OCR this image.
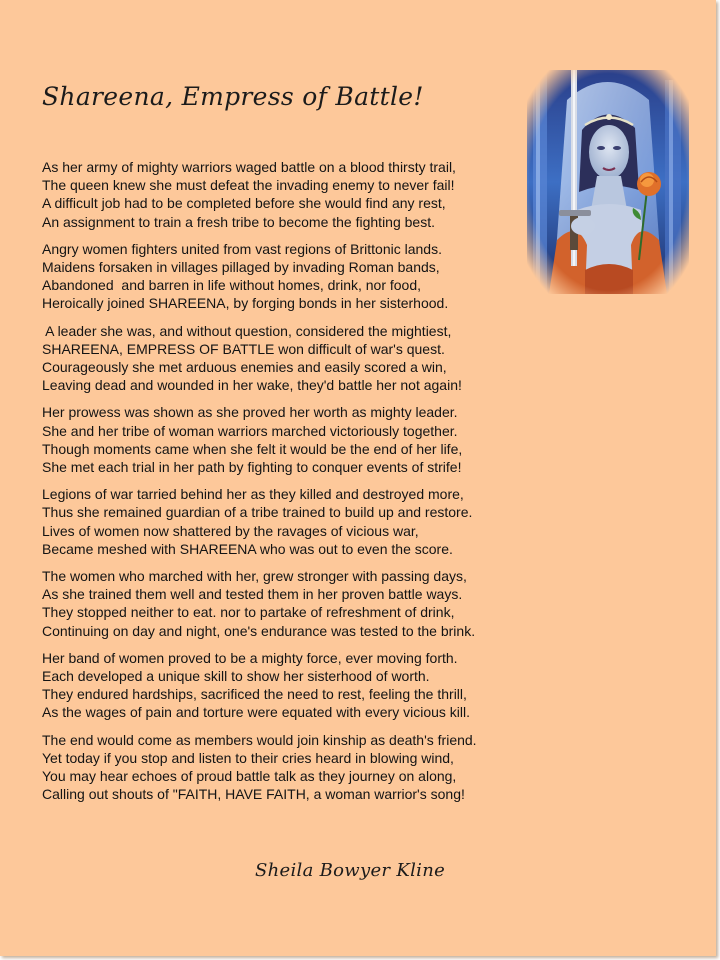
Shareena, Empress of Battle!

As her army of mighty warriors waged battle on a blood thirsty trail,
The queen knew she must defeat the invading enemy to never fail!
A difficult job had to be completed before she would find any rest,
An assignment to train a fresh tribe to become the fighting best.

Angry women fighters united from vast regions of Brittonic lands.
Maidens forsaken in villages pillaged by invading Roman bands,
Abandoned  and barren in life without homes, drink, nor food,
Heroically joined SHAREENA, by forging bonds in her sisterhood.

A leader she was, and without question, considered the mightiest,
SHAREENA, EMPRESS OF BATTLE won difficult of war's quest.
Courageously she met arduous enemies and easily scored a win,
Leaving dead and wounded in her wake, they'd battle her not again!

Her prowess was shown as she proved her worth as mighty leader.
She and her tribe of woman warriors marched victoriously together.
Though moments came when she felt it would be the end of her life,
She met each trial in her path by fighting to conquer events of strife!

Legions of war tarried behind her as they killed and destroyed more,
Thus she remained guardian of a tribe trained to build up and restore.
Lives of women now shattered by the ravages of vicious war,
Became meshed with SHAREENA who was out to even the score.

The women who marched with her, grew stronger with passing days,
As she trained them well and tested them in her proven battle ways.
They stopped neither to eat. nor to partake of refreshment of drink,
Continuing on day and night, one's endurance was tested to the brink.

Her band of women proved to be a mighty force, ever moving forth.
Each developed a unique skill to show her sisterhood of worth.
They endured hardships, sacrificed the need to rest, feeling the thrill,
As the wages of pain and torture were equated with every vicious kill.

The end would come as members would join kinship as death's friend.
Yet today if you stop and listen to their cries heard in blowing wind,
You may hear echoes of proud battle talk as they journey on along,
Calling out shouts of "FAITH, HAVE FAITH, a woman warrior's song!

Sheila Bowyer Kline
